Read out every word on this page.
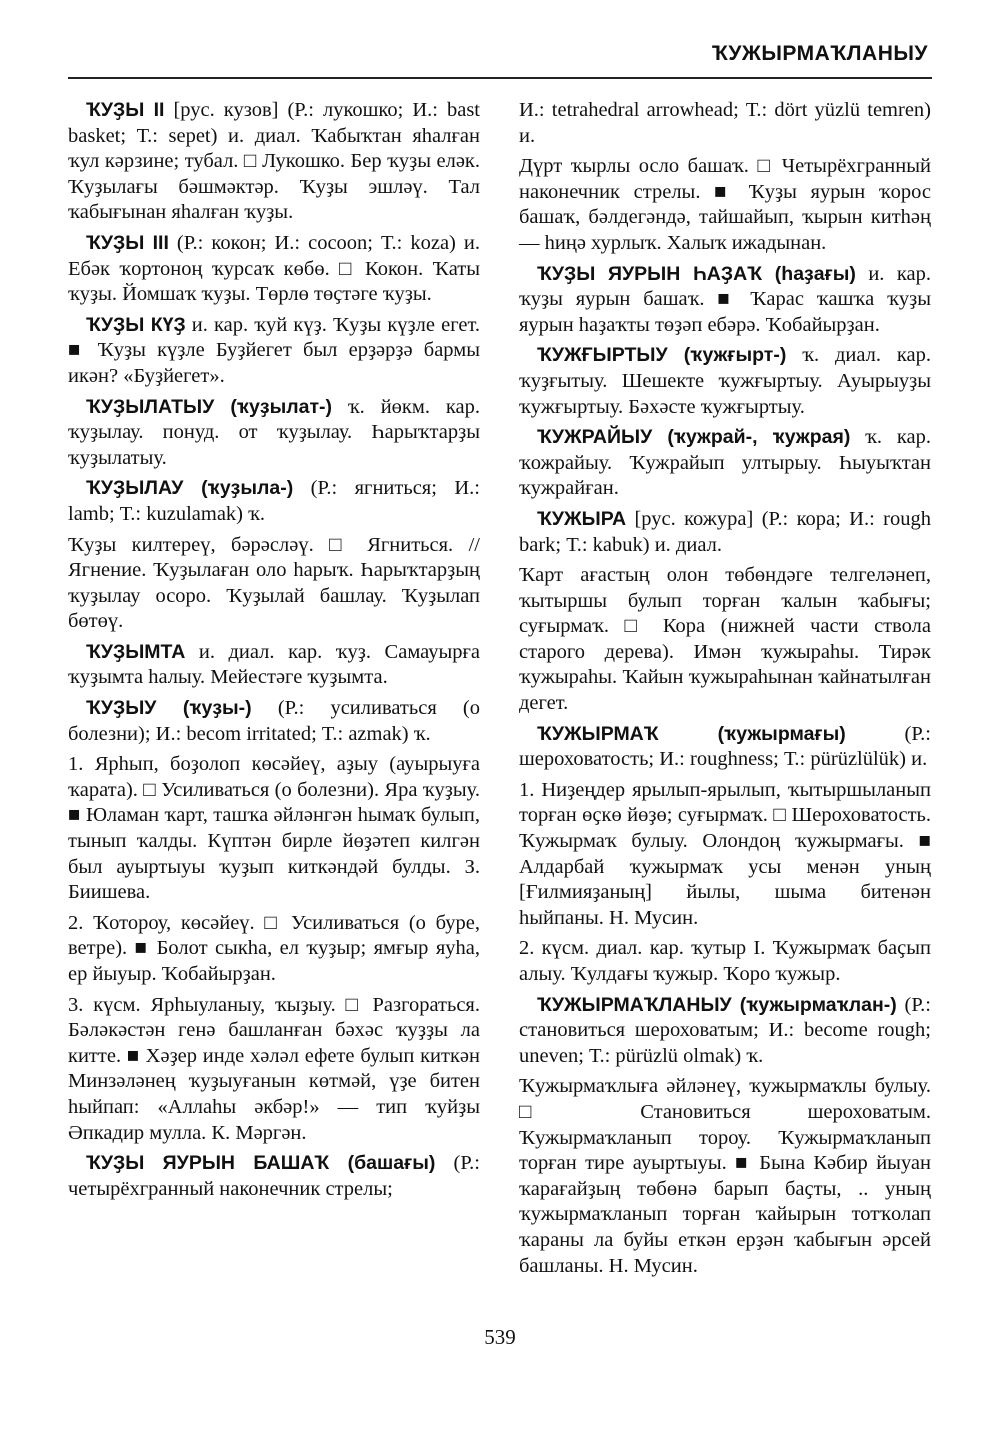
ҠУЖЫРМАҠЛАНЫУ

ҠУҘЫ II [рус. кузов] (Р.: лукошко; И.: bast basket; Т.: sepet) и. диал. Ҡабыҡтан яһалған ҡул кәрзине; тубал. □ Лукошко. Бер ҡуҙы еләк. Ҡуҙылағы бәшмәктәр. Ҡуҙы эшләү. Тал ҡабығынан яһалған ҡуҙы.

ҠУҘЫ III (Р.: кокон; И.: cocoon; Т.: koza) и. Ебәк ҡортоноң ҡурсаҡ көбө. □ Кокон. Ҡаты ҡуҙы. Йомшаҡ ҡуҙы. Төрлө төҫтәге ҡуҙы.

ҠУҘЫ КҮҘ и. кар. ҡуй күҙ. Ҡуҙы күҙле егет. ■ Ҡуҙы күҙле Буҙйегет был ерҙәрҙә бармы икән? «Буҙйегет».

ҠУҘЫЛАТЫУ (ҡуҙылат-) ҡ. йөкм. кар. ҡуҙылау. понуд. от ҡуҙылау. Һарыҡтарҙы ҡуҙылатыу.

ҠУҘЫЛАУ (ҡуҙыла-) (Р.: ягниться; И.: lamb; Т.: kuzulamak) ҡ.

Ҡуҙы килтереү, бәрәсләү. □ Ягниться. // Ягнение. Ҡуҙылаған оло һарыҡ. Һарыҡтарҙың ҡуҙылау осоро. Ҡуҙылай башлау. Ҡуҙылап бөтөү.

ҠУҘЫМТА и. диал. кар. ҡуҙ. Самауырға ҡуҙымта һалыу. Мейестәге ҡуҙымта.

ҠУҘЫУ (ҡуҙы-) (Р.: усиливаться (о болезни); И.: becom irritated; Т.: azmak) ҡ.

1. Ярһып, боҙолоп көсәйеү, аҙыу (ауырыуға ҡарата). □ Усиливаться (о болезни). Яра ҡуҙыу. ■ Юламан ҡарт, ташҡа әйләнгән һымаҡ булып, тынып ҡалды. Күптән бирле йөҙәтеп килгән был ауыртыуы ҡуҙып киткәндәй булды. З. Биишева.

2. Ҡотороу, көсәйеү. □ Усиливаться (о буре, ветре). ■ Болот сыкһа, ел ҡуҙыр; ямғыр яуһа, ер йыуыр. Ҡобайырҙан.

3. күсм. Ярһыуланыу, ҡыҙыу. □ Разгораться. Бәләкәстән генә башланған бәхәс ҡуҙҙы ла китте. ■ Хәҙер инде хәләл ефете булып киткән Минзәләнең ҡуҙыуғанын көтмәй, үҙе битен һыйпап: «Аллаһы әкбәр!» — тип ҡуйҙы Әпкадир мулла. К. Мәргән.

ҠУҘЫ ЯУРЫН БАШАҠ (башағы) (Р.: четырёхгранный наконечник стрелы;

И.: tetrahedral arrowhead; Т.: dört yüzlü temren) и.

Дүрт ҡырлы осло башаҡ. □ Четырёхгранный наконечник стрелы. ■ Ҡуҙы яурын ҡорос башаҡ, бәлдегәндә, тайшайып, ҡырын китһәң — һиңә хурлыҡ. Халыҡ ижадынан.

ҠУҘЫ ЯУРЫН ҺАҘАҠ (һаҙағы) и. кар. ҡуҙы яурын башаҡ. ■ Ҡарас ҡашҡа ҡуҙы яурын һаҙаҡты төҙәп ебәрә. Ҡобайырҙан.

ҠУЖҒЫРТЫУ (ҡужғырт-) ҡ. диал. кар. ҡуҙғытыу. Шешекте ҡужғыртыу. Ауырыуҙы ҡужғыртыу. Бәхәсте ҡужғыртыу.

ҠУЖРАЙЫУ (ҡужрай-, ҡужрая) ҡ. кар. ҡожрайыу. Ҡужрайып ултырыу. Һыуыҡтан ҡужрайған.

ҠУЖЫРА [рус. кожура] (Р.: кора; И.: rough bark; Т.: kabuk) и. диал.

Ҡарт ағастың олон төбөндәге телгеләнеп, ҡытыршы булып торған ҡалын ҡабығы; суғырмаҡ. □ Кора (нижней части ствола старого дерева). Имән ҡужыраһы. Тирәк ҡужыраһы. Ҡайын ҡужыраһынан ҡайнатылған дегет.

ҠУЖЫРМАҠ (ҡужырмағы) (Р.: шероховатость; И.: roughness; Т.: pürüzlülük) и.

1. Ниҙеңдер ярылып-ярылып, ҡытыршыланып торған өҫкө йөҙө; суғырмаҡ. □ Шероховатость. Ҡужырмаҡ булыу. Олондоң ҡужырмағы. ■ Алдарбай ҡужырмаҡ усы менән уның [Ғилмияҙаның] йылы, шыма битенән һыйпаны. Н. Мусин.

2. күсм. диал. кар. ҡутыр I. Ҡужырмаҡ баҫып алыу. Ҡулдағы ҡужыр. Ҡоро ҡужыр.

ҠУЖЫРМАҠЛАНЫУ (ҡужырмаҡлан-) (Р.: становиться шероховатым; И.: become rough; uneven; Т.: pürüzlü olmak) ҡ.

Ҡужырмаҡлыға әйләнеү, ҡужырмаҡлы булыу. □ Становиться шероховатым. Ҡужырмаҡланып тороу. Ҡужырмаҡланып торған тире ауыртыуы. ■ Бына Кәбир йыуан ҡарағайҙың төбөнә барып баҫты, .. уның ҡужырмаҡланып торған ҡайырын тотҡолап ҡараны ла буйы еткән ерҙән ҡабығын әрсей башланы. Н. Мусин.

539
